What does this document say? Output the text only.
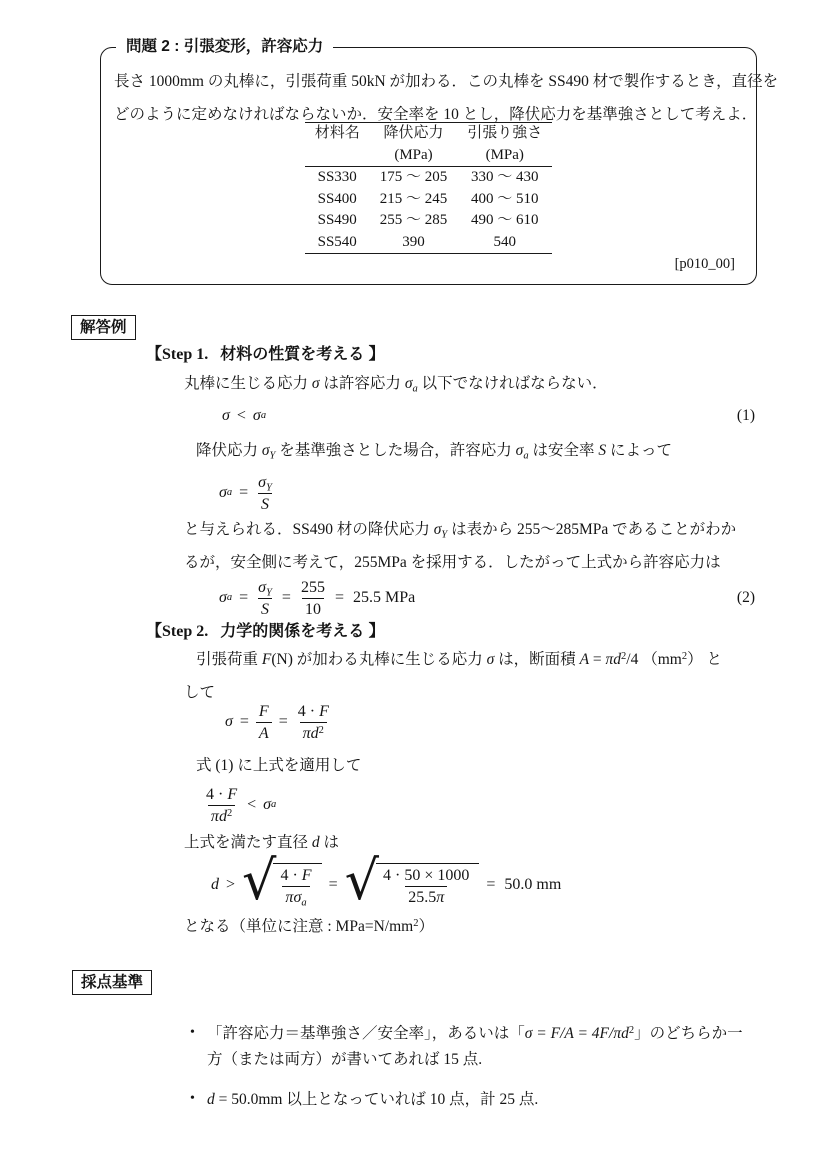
問題 2 : 引張変形，許容応力
長さ 1000mm の丸棒に，引張荷重 50kN が加わる．この丸棒を SS490 材で製作するとき，直径を
どのように定めなければならないか．安全率を 10 とし，降伏応力を基準強さとして考えよ．
材料名	降伏応力	引張り強さ
	(MPa)	(MPa)
SS330	175 ～ 205	330 ～ 430
SS400	215 ～ 245	400 ～ 510
SS490	255 ～ 285	490 ～ 610
SS540	390	540
[p010_00]
解答例
【Step 1. 材料の性質を考える 】
丸棒に生じる応力 σ は許容応力 $\sigma_a$ 以下でなければならない．
σ < σ a	(1)
降伏応力 $\sigma_Y$ を基準強さとした場合，許容応力 $\sigma_a$ は安全率 S によって
σ $a = \frac{\sigma_Y}{S}$
と与えられる．SS490 材の降伏応力 $\sigma_Y$ は表から 255～285MPa であることがわか
るが，安全側に考えて，255MPa を採用する．したがって上式から許容応力は
σ $a = \frac{\sigma_Y}{S} = \frac{255}{10} = 25.5$ MPa	(2)
【Step 2. 力学的関係を考える 】
引張荷重 F(N) が加わる丸棒に生じる応力 σ は，断面積 $A = \pi d^2/4$ $(mm^2)$ と
して
$\sigma = \frac{F}{A} = \frac{4 \cdot F}{\pi d^2}$
式 (1) に上式を適用して
$\frac{4 \cdot F}{\pi d^2} < \sigma$ a
上式を満たす直径 d は
d > √ $\frac{4 \cdot F}{\pi\sigma_a}$ = √ $\frac{4 \cdot 50 \times 1000}{25.5\pi} = 50.0$ mm
となる（単位に注意 : $MPa=N/mm^2$）
採点基準
• 「許容応力＝基準強さ／安全率」，あるいは「$\sigma = F/A = 4F/\pi d^2$」のどちらか一
方（または両方）が書いてあれば 15 点.
• d = 50.0mm 以上となっていれば 10 点，計 25 点.
